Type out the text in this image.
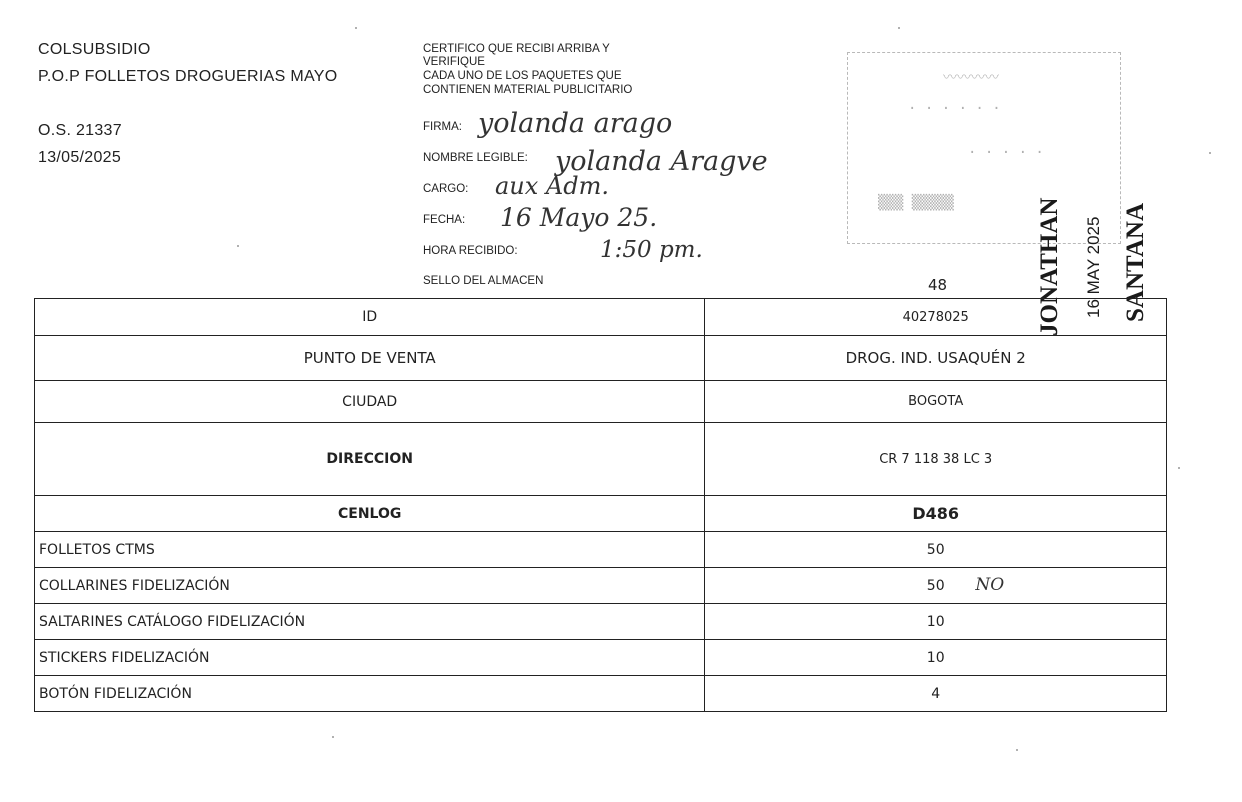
COLSUBSIDIO
P.O.P FOLLETOS DROGUERIAS MAYO
O.S. 21337
13/05/2025
CERTIFICO QUE RECIBI ARRIBA Y
VERIFIQUE
CADA UNO DE LOS PAQUETES QUE
CONTIENEN MATERIAL PUBLICITARIO
FIRMA: yolanda arago
NOMBRE LEGIBLE: yolanda Aragve
CARGO: aux Adm.
FECHA: 16 Mayo 25.
HORA RECIBIDO:	1:50 pm.
SELLO DEL ALMACEN	48
〰〰〰〰
· · · · · ·
· · · · ·
▒▒▒ ▒▒▒▒▒	JONATHAN 16 MAY 2025 SANTANA
ID	40278025
PUNTO DE VENTA	DROG. IND. USAQUÉN 2
CIUDAD	BOGOTA
DIRECCION	CR 7 118 38 LC 3
CENLOG	D486
FOLLETOS CTMS	50
COLLARINES FIDELIZACIÓN	50 NO

SALTARINES CATÁLOGO FIDELIZACIÓN	10
STICKERS FIDELIZACIÓN	10
BOTÓN FIDELIZACIÓN	4
